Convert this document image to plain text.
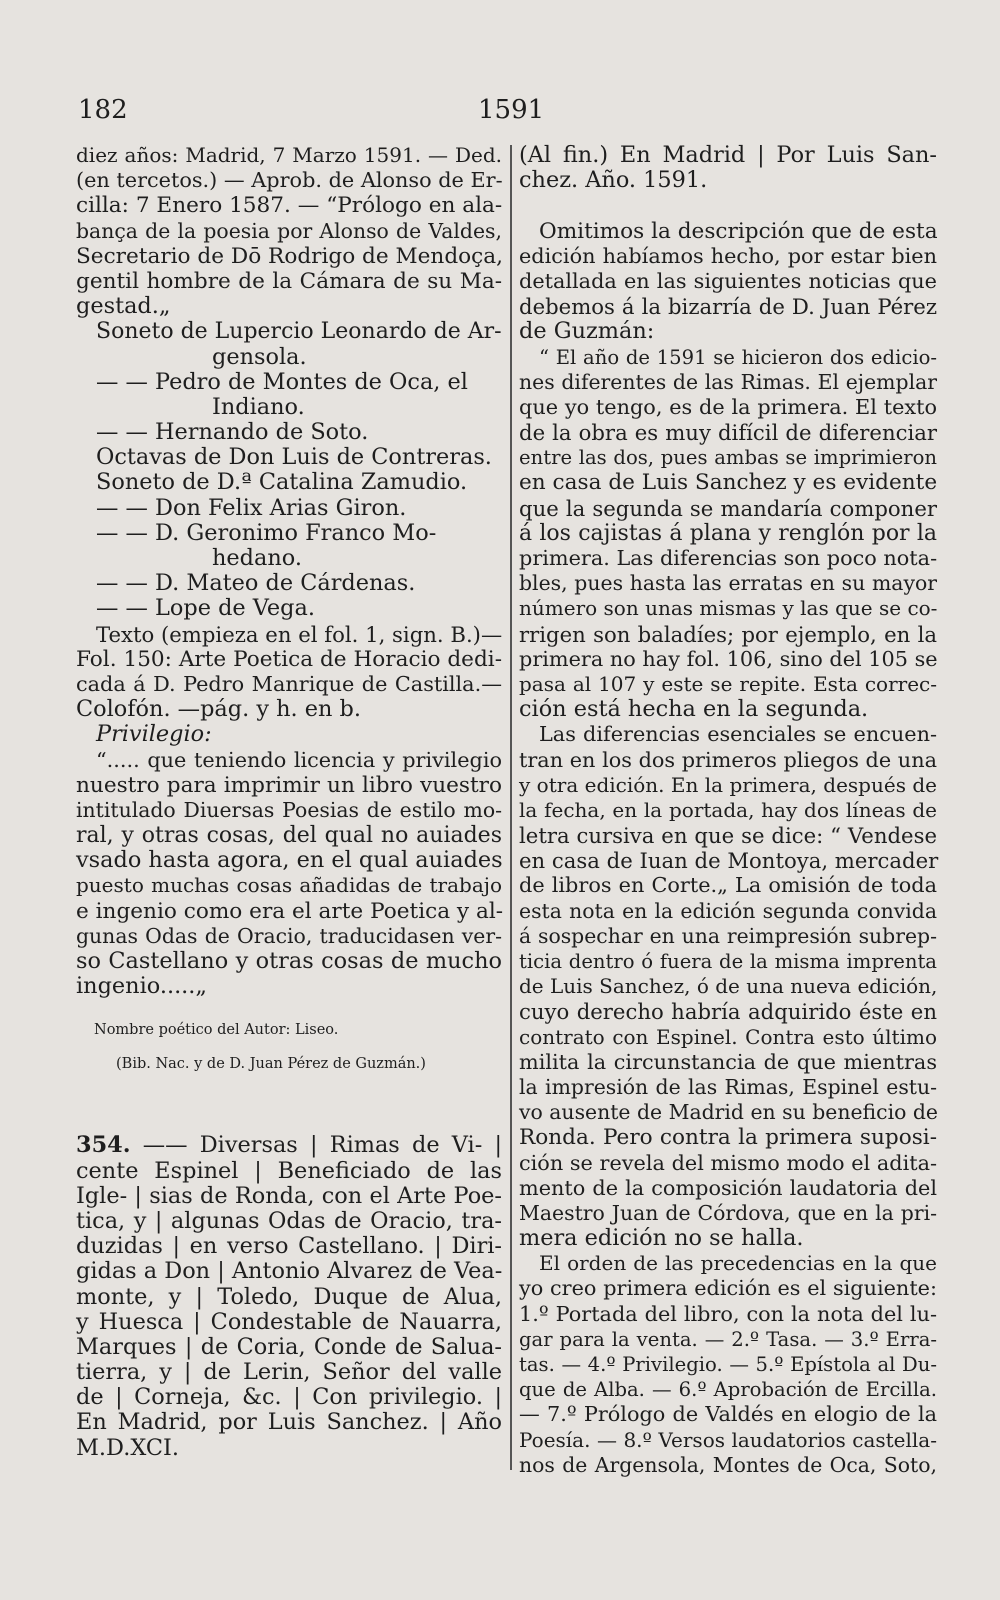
182	1591
diez años: Madrid, 7 Marzo 1591. — Ded.
(en tercetos.) — Aprob. de Alonso de Er-
cilla: 7 Enero 1587. — “Prólogo en ala-
bança de la poesia por Alonso de Valdes,
Secretario de Dō Rodrigo de Mendoça,
gentil hombre de la Cámara de su Ma-
gestad.„
Soneto de Lupercio Leonardo de Ar-
gensola.
— — Pedro de Montes de Oca, el
Indiano.
— — Hernando de Soto.
Octavas de Don Luis de Contreras.
Soneto de D.ª Catalina Zamudio.
— — Don Felix Arias Giron.
— — D. Geronimo Franco Mo-
hedano.
— — D. Mateo de Cárdenas.
— — Lope de Vega.
Texto (empieza en el fol. 1, sign. B.)—
Fol. 150: Arte Poetica de Horacio dedi-
cada á D. Pedro Manrique de Castilla.—
Colofón. —pág. y h. en b.
Privilegio:
“..... que teniendo licencia y privilegio
nuestro para imprimir un libro vuestro
intitulado Diuersas Poesias de estilo mo-
ral, y otras cosas, del qual no auiades
vsado hasta agora, en el qual auiades
puesto muchas cosas añadidas de trabajo
e ingenio como era el arte Poetica y al-
gunas Odas de Oracio, traducidasen ver-
so Castellano y otras cosas de mucho
ingenio.....„
Nombre poético del Autor: Liseo.
(Bib. Nac. y de D. Juan Pérez de Guzmán.)
354. —— Diversas | Rimas de Vi- |
cente Espinel | Beneficiado de las
Igle- | sias de Ronda, con el Arte Poe-
tica, y | algunas Odas de Oracio, tra-
duzidas | en verso Castellano. | Diri-
gidas a Don | Antonio Alvarez de Vea-
monte, y | Toledo, Duque de Alua,
y Huesca | Condestable de Nauarra,
Marques | de Coria, Conde de Salua-
tierra, y | de Lerin, Señor del valle
de | Corneja, &c. | Con privilegio. |
En Madrid, por Luis Sanchez. | Año
M.D.XCI.
(Al fin.) En Madrid | Por Luis San-
chez. Año. 1591.
Omitimos la descripción que de esta
edición habíamos hecho, por estar bien
detallada en las siguientes noticias que
debemos á la bizarría de D. Juan Pérez
de Guzmán:
“ El año de 1591 se hicieron dos edicio-
nes diferentes de las Rimas. El ejemplar
que yo tengo, es de la primera. El texto
de la obra es muy difícil de diferenciar
entre las dos, pues ambas se imprimieron
en casa de Luis Sanchez y es evidente
que la segunda se mandaría componer
á los cajistas á plana y renglón por la
primera. Las diferencias son poco nota-
bles, pues hasta las erratas en su mayor
número son unas mismas y las que se co-
rrigen son baladíes; por ejemplo, en la
primera no hay fol. 106, sino del 105 se
pasa al 107 y este se repite. Esta correc-
ción está hecha en la segunda.
Las diferencias esenciales se encuen-
tran en los dos primeros pliegos de una
y otra edición. En la primera, después de
la fecha, en la portada, hay dos líneas de
letra cursiva en que se dice: “ Vendese
en casa de Iuan de Montoya, mercader
de libros en Corte.„ La omisión de toda
esta nota en la edición segunda convida
á sospechar en una reimpresión subrep-
ticia dentro ó fuera de la misma imprenta
de Luis Sanchez, ó de una nueva edición,
cuyo derecho habría adquirido éste en
contrato con Espinel. Contra esto último
milita la circunstancia de que mientras
la impresión de las Rimas, Espinel estu-
vo ausente de Madrid en su beneficio de
Ronda. Pero contra la primera suposi-
ción se revela del mismo modo el adita-
mento de la composición laudatoria del
Maestro Juan de Córdova, que en la pri-
mera edición no se halla.
El orden de las precedencias en la que
yo creo primera edición es el siguiente:
1.º Portada del libro, con la nota del lu-
gar para la venta. — 2.º Tasa. — 3.º Erra-
tas. — 4.º Privilegio. — 5.º Epístola al Du-
que de Alba. — 6.º Aprobación de Ercilla.
— 7.º Prólogo de Valdés en elogio de la
Poesía. — 8.º Versos laudatorios castella-
nos de Argensola, Montes de Oca, Soto,
